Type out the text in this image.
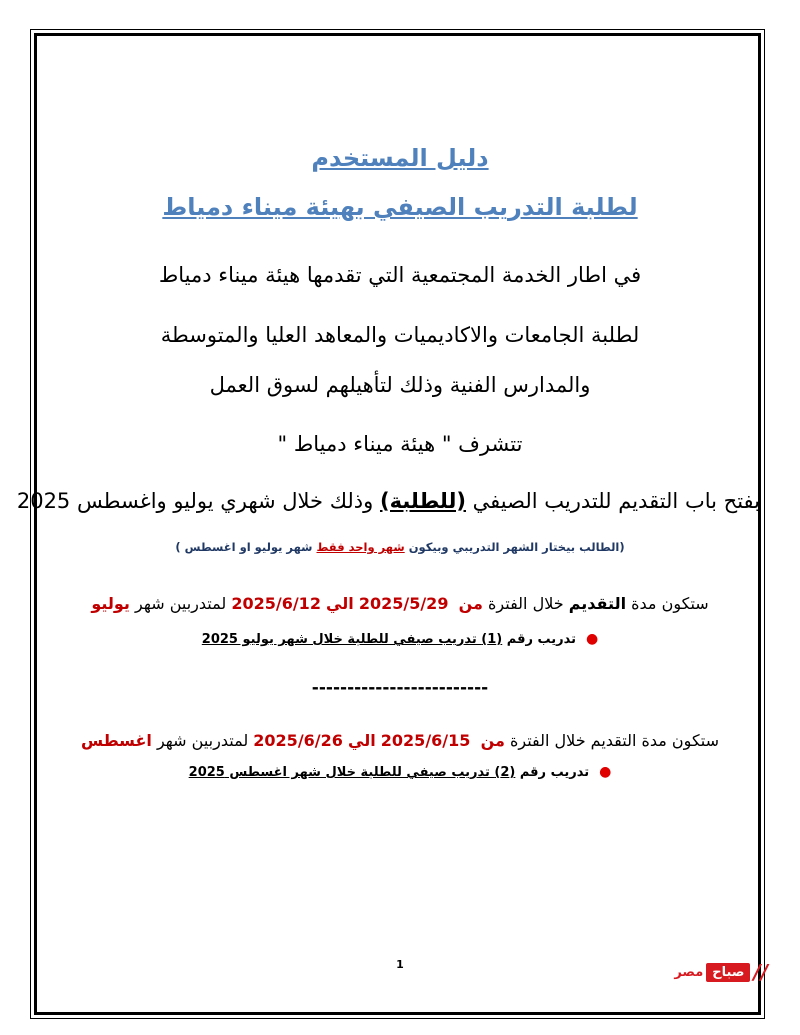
دليل المستخدم

لطلبة التدريب الصيفي بهيئة ميناء دمياط

في اطار الخدمة المجتمعية التي تقدمها هيئة ميناء دمياط

لطلبة الجامعات والاكاديميات والمعاهد العليا والمتوسطة

والمدارس الفنية وذلك لتأهيلهم لسوق العمل

تتشرف " هيئة ميناء دمياط "

بفتح باب التقديم للتدريب الصيفي (للطلبة) وذلك خلال شهري يوليو واغسطس 2025

(الطالب بيختار الشهر التدريبي وبيكون شهر واحد فقط شهر يوليو او اغسطس )

ستكون مدة التقديم خلال الفترة من  2025/5/29 الي 2025/6/12 لمتدربين شهر يوليو

●تدريب رقم (1) تدريب صيفي للطلبة خلال شهر يوليو 2025

-------------------------

ستكون مدة التقديم خلال الفترة من  2025/6/15 الي 2025/6/26 لمتدربين شهر اغسطس

●تدريب رقم (2) تدريب صيفي للطلبة خلال شهر اغسطس 2025

1	//
صباح
مصر
